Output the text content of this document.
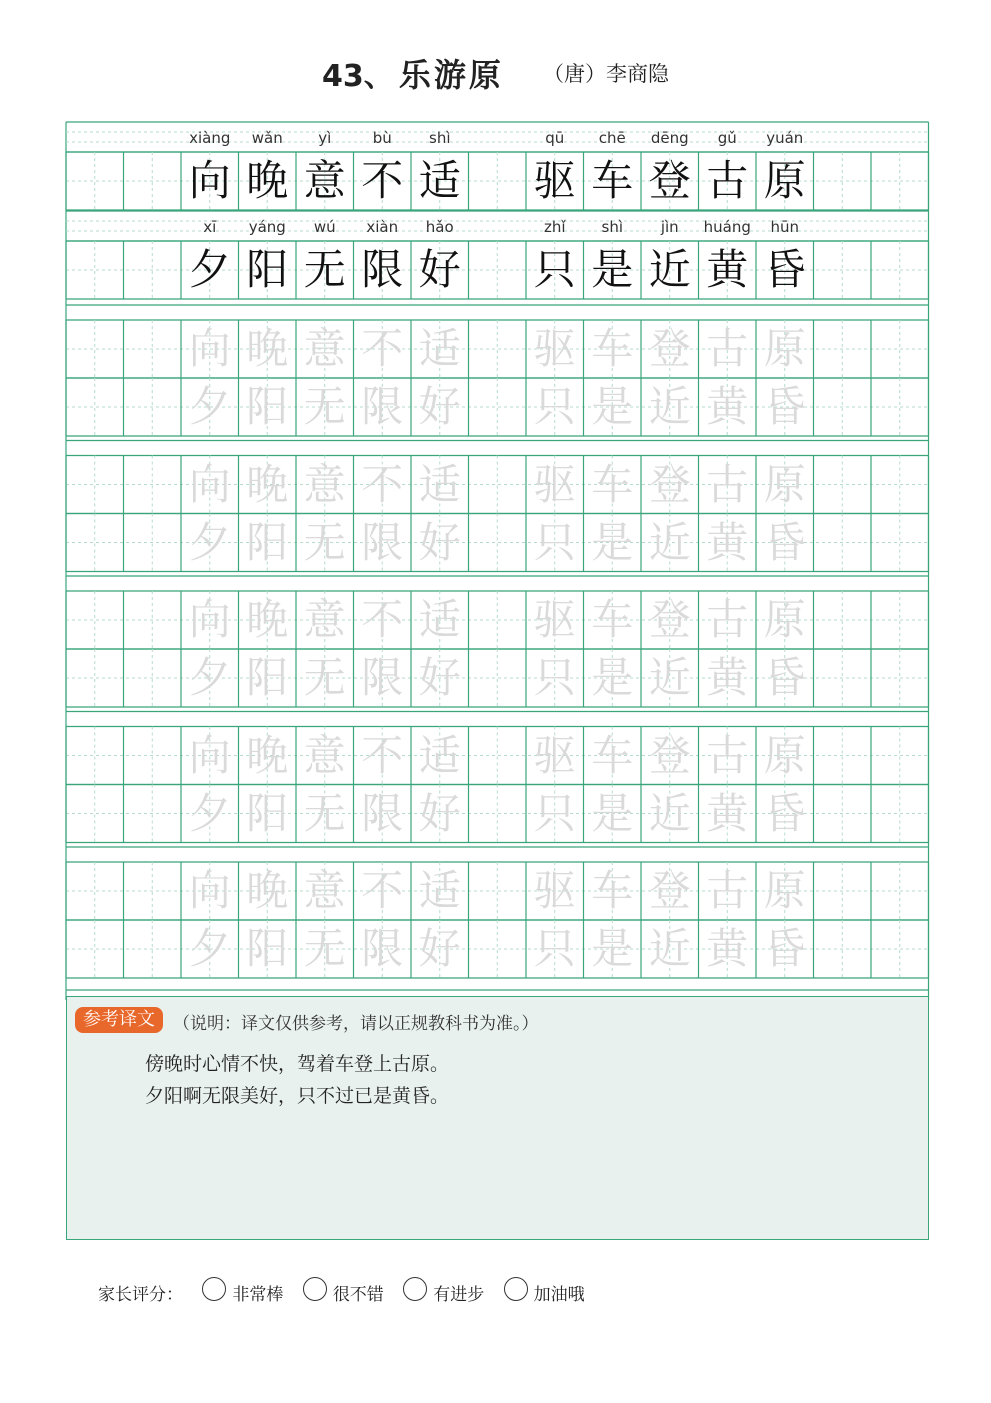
43、 乐游原 （唐）李商隐
xiàng	wǎn	yì	bù	shì	qū	chē	dēng	gǔ	yuán
向 晚 意 不 适 驱 车 登 古 原
xī	yáng	wú	xiàn	hǎo	zhǐ	shì	jìn	huáng	hūn
夕 阳 无 限 好 只 是 近 黄 昏
向 晚 意 不 适 驱 车 登 古 原
夕 阳 无 限 好 只 是 近 黄 昏
向 晚 意 不 适 驱 车 登 古 原
夕 阳 无 限 好 只 是 近 黄 昏
向 晚 意 不 适 驱 车 登 古 原
夕 阳 无 限 好 只 是 近 黄 昏
向 晚 意 不 适 驱 车 登 古 原
夕 阳 无 限 好 只 是 近 黄 昏
向 晚 意 不 适 驱 车 登 古 原
夕 阳 无 限 好 只 是 近 黄 昏
参考译文	（说明：译文仅供参考，请以正规教科书为准。）
傍晚时心情不快，驾着车登上古原。
夕阳啊无限美好，只不过已是黄昏。
家长评分：	非常棒	很不错	有进步	加油哦
